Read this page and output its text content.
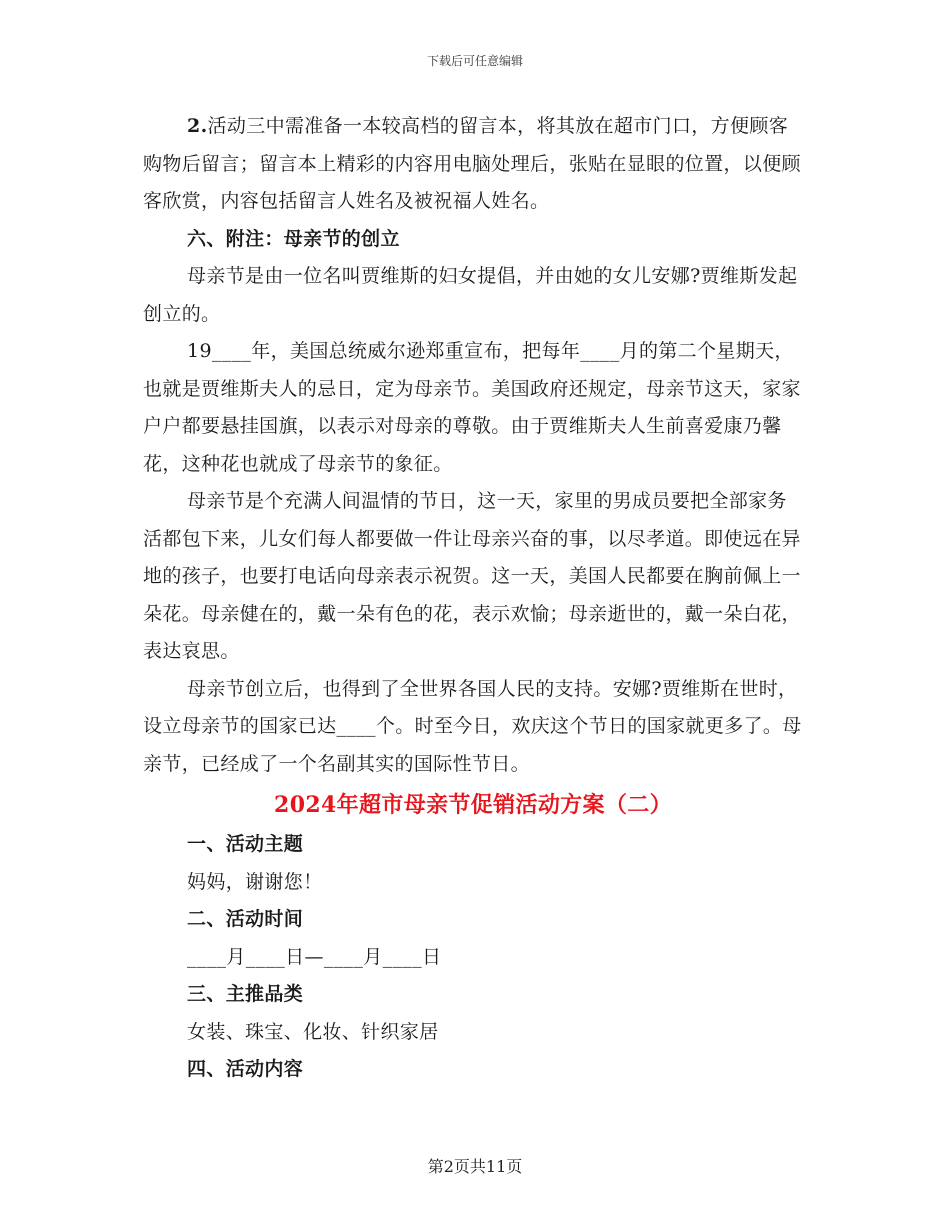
下载后可任意编辑

2.活动三中需准备一本较高档的留言本，将其放在超市门口，方便顾客购物后留言；留言本上精彩的内容用电脑处理后，张贴在显眼的位置，以便顾客欣赏，内容包括留言人姓名及被祝福人姓名。

六、附注：母亲节的创立

母亲节是由一位名叫贾维斯的妇女提倡，并由她的女儿安娜?贾维斯发起创立的。

19____年，美国总统威尔逊郑重宣布，把每年____月的第二个星期天，也就是贾维斯夫人的忌日，定为母亲节。美国政府还规定，母亲节这天，家家户户都要悬挂国旗，以表示对母亲的尊敬。由于贾维斯夫人生前喜爱康乃馨花，这种花也就成了母亲节的象征。

母亲节是个充满人间温情的节日，这一天，家里的男成员要把全部家务活都包下来，儿女们每人都要做一件让母亲兴奋的事，以尽孝道。即使远在异地的孩子，也要打电话向母亲表示祝贺。这一天，美国人民都要在胸前佩上一朵花。母亲健在的，戴一朵有色的花，表示欢愉；母亲逝世的，戴一朵白花，表达哀思。

母亲节创立后，也得到了全世界各国人民的支持。安娜?贾维斯在世时，设立母亲节的国家已达____个。时至今日，欢庆这个节日的国家就更多了。母亲节，已经成了一个名副其实的国际性节日。

2024年超市母亲节促销活动方案（二）

一、活动主题

妈妈，谢谢您！

二、活动时间

____月____日—____月____日

三、主推品类

女装、珠宝、化妆、针织家居

四、活动内容

第2页共11页
